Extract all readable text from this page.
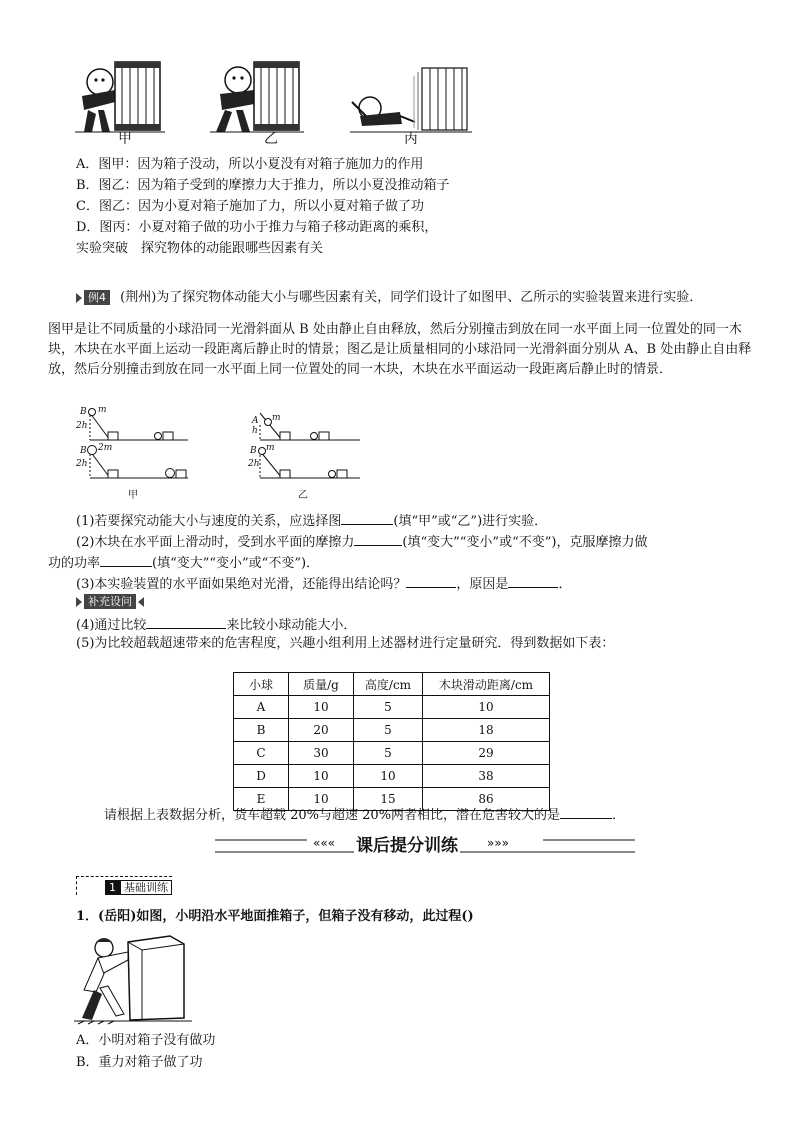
甲	乙	丙
A．图甲：因为箱子没动，所以小夏没有对箱子施加力的作用
B．图乙：因为箱子受到的摩擦力大于推力，所以小夏没推动箱子
C．图乙：因为小夏对箱子施加了力，所以小夏对箱子做了功
D．图丙：小夏对箱子做的功小于推力与箱子移动距离的乘积，
实验突破　探究物体的动能跟哪些因素有关
例4 (荆州)为了探究物体动能大小与哪些因素有关，同学们设计了如图甲、乙所示的实验装置来进行实验．
图甲是让不同质量的小球沿同一光滑斜面从 B 处由静止自由释放，然后分别撞击到放在同一水平面上同一位置处的同一木块，木块在水平面上运动一段距离后静止时的情景；图乙是让质量相同的小球沿同一光滑斜面分别从 A、B 处由静止自由释放，然后分别撞击到放在同一水平面上同一位置处的同一木块，木块在水平面运动一段距离后静止时的情景．
B m
2h
B 2m
2h
A m
h
B m
2h
甲	乙
(1)若要探究动能大小与速度的关系，应选择图	(填“甲”或“乙”)进行实验．
(2)木块在水平面上滑动时，受到水平面的摩擦力	(填“变大”“变小”或“不变”)，克服摩擦力做
功的功率	(填“变大”“变小”或“不变”)．
(3)本实验装置的水平面如果绝对光滑，还能得出结论吗？	，原因是	．
补充设问
(4)通过比较	来比较小球动能大小．
(5)为比较超载超速带来的危害程度，兴趣小组利用上述器材进行定量研究．得到数据如下表：
小球	质量/g	高度/cm	木块滑动距离/cm
A	10	5	10
B	20	5	18
C	30	5	29
D	10	10	38
E	10	15	86
请根据上表数据分析，货车超载 20%与超速 20%两者相比，潜在危害较大的是	．
«««	»»»
课后提分训练
1 基础训练
1．(岳阳)如图，小明沿水平地面推箱子，但箱子没有移动，此过程()
A．小明对箱子没有做功
B．重力对箱子做了功
